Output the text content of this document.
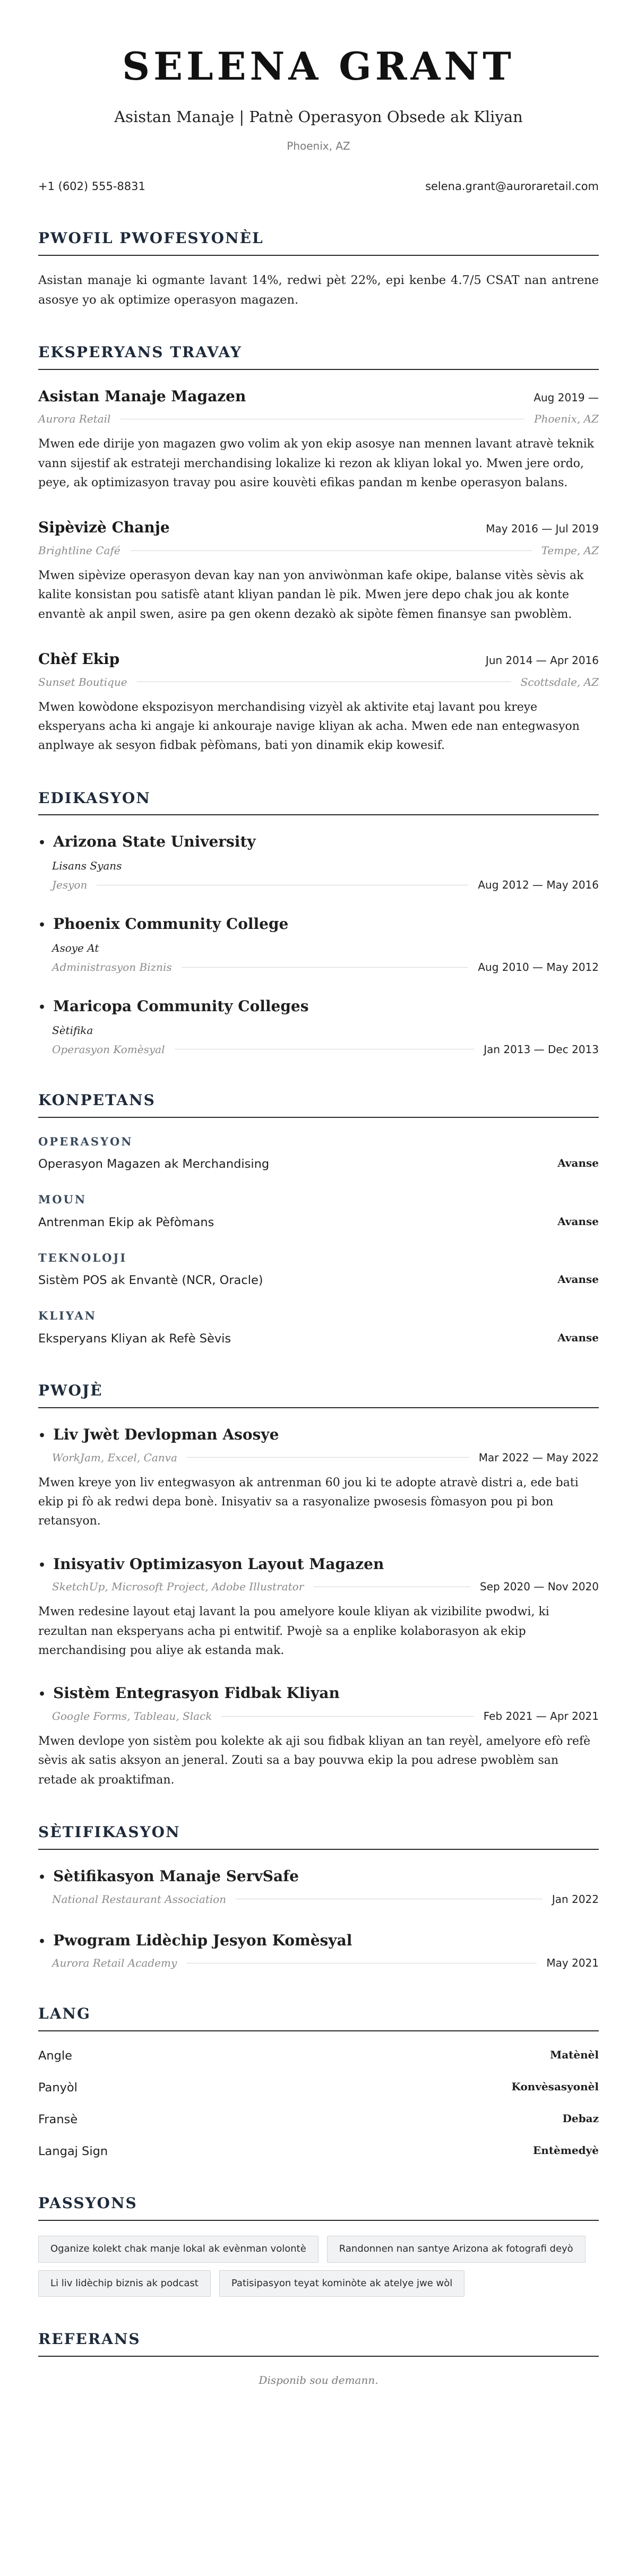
SELENA GRANT
Asistan Manaje | Patnè Operasyon Obsede ak Kliyan
Phoenix, AZ
+1 (602) 555-8831	selena.grant@auroraretail.com
PWOFIL PWOFESYONÈL
Asistan manaje ki ogmante lavant 14%, redwi pèt 22%, epi kenbe 4.7/5 CSAT nan antrene asosye yo ak optimize operasyon magazen.
EKSPERYANS TRAVAY
Asistan Manaje Magazen	Aug 2019 —
Aurora Retail	Phoenix, AZ
Mwen ede dirije yon magazen gwo volim ak yon ekip asosye nan mennen lavant atravè teknik vann sijestif ak estrateji merchandising lokalize ki rezon ak kliyan lokal yo. Mwen jere ordo, peye, ak optimizasyon travay pou asire kouvèti efikas pandan m kenbe operasyon balans.
Sipèvizè Chanje	May 2016 — Jul 2019
Brightline Café	Tempe, AZ
Mwen sipèvize operasyon devan kay nan yon anviwònman kafe okipe, balanse vitès sèvis ak kalite konsistan pou satisfè atant kliyan pandan lè pik. Mwen jere depo chak jou ak konte envantè ak anpil swen, asire pa gen okenn dezakò ak sipòte fèmen finansye san pwoblèm.
Chèf Ekip	Jun 2014 — Apr 2016
Sunset Boutique	Scottsdale, AZ
Mwen kowòdone ekspozisyon merchandising vizyèl ak aktivite etaj lavant pou kreye eksperyans acha ki angaje ki ankouraje navige kliyan ak acha. Mwen ede nan entegwasyon anplwaye ak sesyon fidbak pèfòmans, bati yon dinamik ekip kowesif.
EDIKASYON
• Arizona State University
Lisans Syans
Jesyon	Aug 2012 — May 2016
• Phoenix Community College
Asoye At
Administrasyon Biznis	Aug 2010 — May 2012
• Maricopa Community Colleges
Sètifika
Operasyon Komèsyal	Jan 2013 — Dec 2013
KONPETANS
OPERASYON
Operasyon Magazen ak Merchandising	Avanse
MOUN
Antrenman Ekip ak Pèfòmans	Avanse
TEKNOLOJI
Sistèm POS ak Envantè (NCR, Oracle)	Avanse
KLIYAN
Eksperyans Kliyan ak Refè Sèvis	Avanse
PWOJÈ
• Liv Jwèt Devlopman Asosye
WorkJam, Excel, Canva	Mar 2022 — May 2022
Mwen kreye yon liv entegwasyon ak antrenman 60 jou ki te adopte atravè distri a, ede bati ekip pi fò ak redwi depa bonè. Inisyativ sa a rasyonalize pwosesis fòmasyon pou pi bon retansyon.
• Inisyativ Optimizasyon Layout Magazen
SketchUp, Microsoft Project, Adobe Illustrator	Sep 2020 — Nov 2020
Mwen redesine layout etaj lavant la pou amelyore koule kliyan ak vizibilite pwodwi, ki rezultan nan eksperyans acha pi entwitif. Pwojè sa a enplike kolaborasyon ak ekip merchandising pou aliye ak estanda mak.
• Sistèm Entegrasyon Fidbak Kliyan
Google Forms, Tableau, Slack	Feb 2021 — Apr 2021
Mwen devlope yon sistèm pou kolekte ak aji sou fidbak kliyan an tan reyèl, amelyore efò refè sèvis ak satis aksyon an jeneral. Zouti sa a bay pouvwa ekip la pou adrese pwoblèm san retade ak proaktifman.
SÈTIFIKASYON
• Sètifikasyon Manaje ServSafe
National Restaurant Association	Jan 2022
• Pwogram Lidèchip Jesyon Komèsyal
Aurora Retail Academy	May 2021
LANG
Angle	Matènèl
Panyòl	Konvèsasyonèl
Fransè	Debaz
Langaj Sign	Entèmedyè
PASSYONS
Oganize kolekt chak manje lokal ak evènman volontè	Randonnen nan santye Arizona ak fotografi deyò
Li liv lidèchip biznis ak podcast	Patisipasyon teyat kominòte ak atelye jwe wòl
REFERANS
Disponib sou demann.
